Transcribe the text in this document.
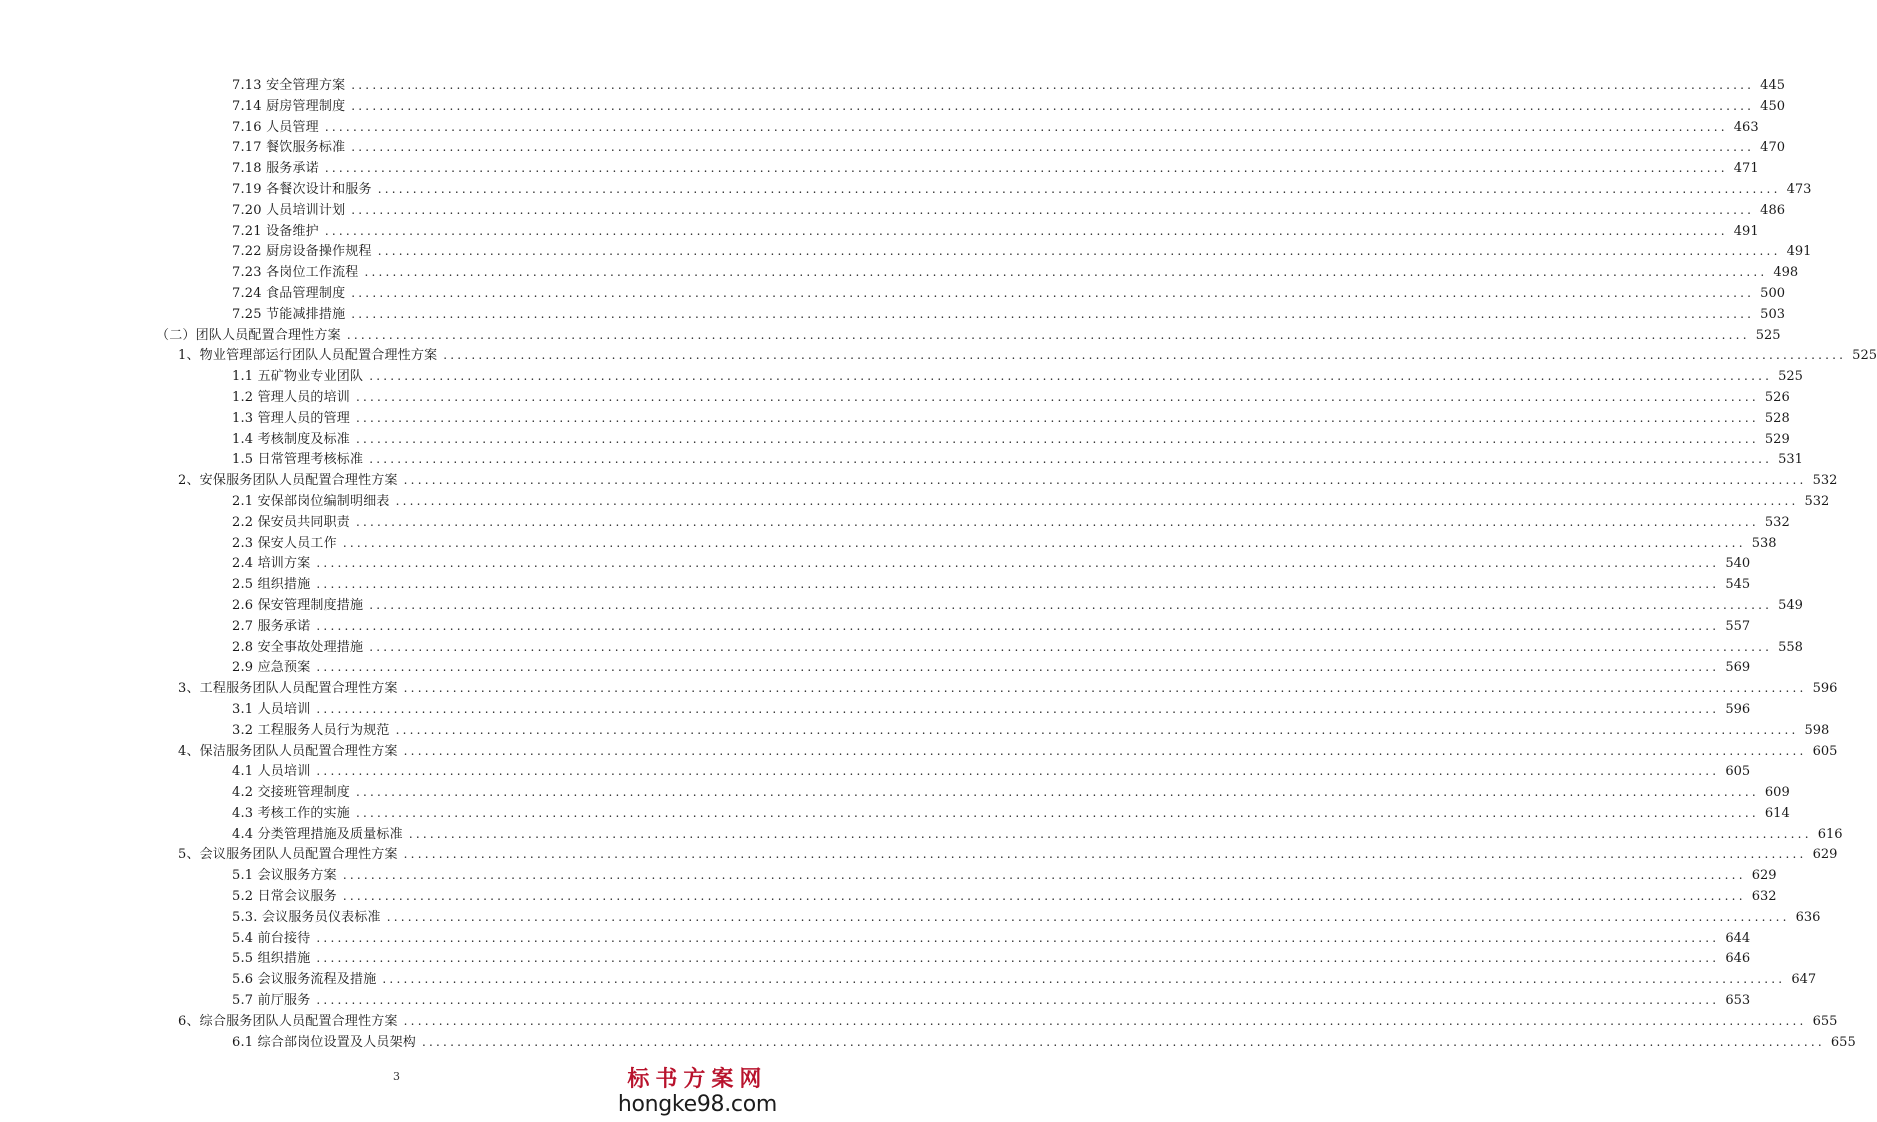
7.13 安全管理方案 ........................................................................................................................................................................................................ 445
7.14 厨房管理制度 ........................................................................................................................................................................................................ 450
7.16 人员管理 ........................................................................................................................................................................................................ 463
7.17 餐饮服务标准 ........................................................................................................................................................................................................ 470
7.18 服务承诺 ........................................................................................................................................................................................................ 471
7.19 各餐次设计和服务 ........................................................................................................................................................................................................ 473
7.20 人员培训计划 ........................................................................................................................................................................................................ 486
7.21 设备维护 ........................................................................................................................................................................................................ 491
7.22 厨房设备操作规程 ........................................................................................................................................................................................................ 491
7.23 各岗位工作流程 ........................................................................................................................................................................................................ 498
7.24 食品管理制度 ........................................................................................................................................................................................................ 500
7.25 节能减排措施 ........................................................................................................................................................................................................ 503
（二）团队人员配置合理性方案 ........................................................................................................................................................................................................ 525
1、物业管理部运行团队人员配置合理性方案 ........................................................................................................................................................................................................ 525
1.1 五矿物业专业团队 ........................................................................................................................................................................................................ 525
1.2 管理人员的培训 ........................................................................................................................................................................................................ 526
1.3 管理人员的管理 ........................................................................................................................................................................................................ 528
1.4 考核制度及标准 ........................................................................................................................................................................................................ 529
1.5 日常管理考核标准 ........................................................................................................................................................................................................ 531
2、安保服务团队人员配置合理性方案 ........................................................................................................................................................................................................ 532
2.1 安保部岗位编制明细表 ........................................................................................................................................................................................................ 532
2.2 保安员共同职责 ........................................................................................................................................................................................................ 532
2.3 保安人员工作 ........................................................................................................................................................................................................ 538
2.4 培训方案 ........................................................................................................................................................................................................ 540
2.5 组织措施 ........................................................................................................................................................................................................ 545
2.6 保安管理制度措施 ........................................................................................................................................................................................................ 549
2.7 服务承诺 ........................................................................................................................................................................................................ 557
2.8 安全事故处理措施 ........................................................................................................................................................................................................ 558
2.9 应急预案 ........................................................................................................................................................................................................ 569
3、工程服务团队人员配置合理性方案 ........................................................................................................................................................................................................ 596
3.1 人员培训 ........................................................................................................................................................................................................ 596
3.2 工程服务人员行为规范 ........................................................................................................................................................................................................ 598
4、保洁服务团队人员配置合理性方案 ........................................................................................................................................................................................................ 605
4.1 人员培训 ........................................................................................................................................................................................................ 605
4.2 交接班管理制度 ........................................................................................................................................................................................................ 609
4.3 考核工作的实施 ........................................................................................................................................................................................................ 614
4.4 分类管理措施及质量标准 ........................................................................................................................................................................................................ 616
5、会议服务团队人员配置合理性方案 ........................................................................................................................................................................................................ 629
5.1 会议服务方案 ........................................................................................................................................................................................................ 629
5.2 日常会议服务 ........................................................................................................................................................................................................ 632
5.3. 会议服务员仪表标准 ........................................................................................................................................................................................................ 636
5.4 前台接待 ........................................................................................................................................................................................................ 644
5.5 组织措施 ........................................................................................................................................................................................................ 646
5.6 会议服务流程及措施 ........................................................................................................................................................................................................ 647
5.7 前厅服务 ........................................................................................................................................................................................................ 653
6、综合服务团队人员配置合理性方案 ........................................................................................................................................................................................................ 655
6.1 综合部岗位设置及人员架构 ........................................................................................................................................................................................................ 655
3	标书方案网
hongke98.com
